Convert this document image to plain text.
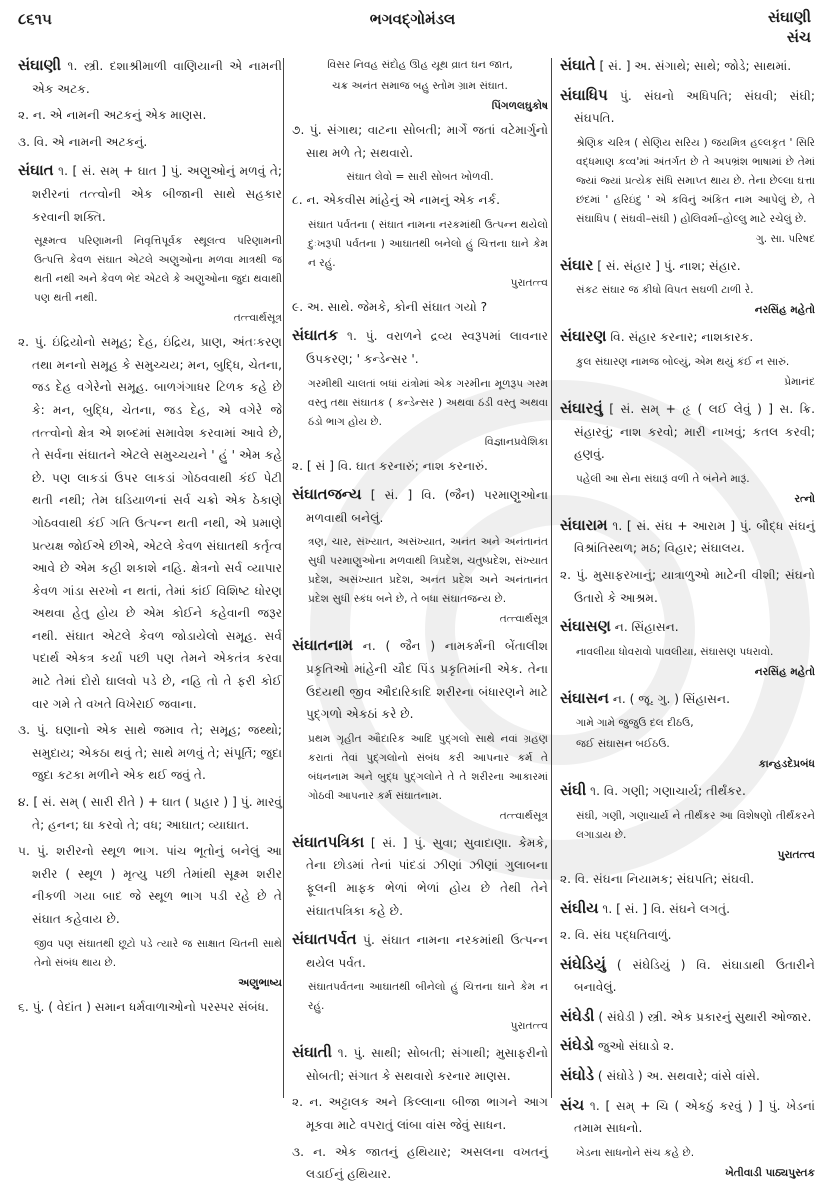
૮૬૧૫	ભગવદ્ગોમંડલ	સંઘાણી
સંચ

સંઘાણી ૧. સ્ત્રી. દશાશ્રીમાળી વાણિયાની એ નામની એક અટક.

૨. ન. એ નામની અટકનું એક માણસ.

૩. વિ. એ નામની અટકનું.

સંઘાત ૧. [ સં. સમ્ + ઘાત ] પું. અણુઓનું મળવું તે; શરીરનાં તત્ત્વોની એક બીજાની સાથે સહકાર કરવાની શક્તિ.

સૂક્ષ્મત્વ પરિણામની નિવૃત્તિપૂર્વક સ્થૂલત્વ પરિણામની ઉત્પત્તિ કેવળ સંઘાત એટલે અણુઓના મળવા માત્રથી જ થતી નથી અને કેવળ ભેદ એટલે કે અણુઓના જુદા થવાથી પણ થતી નથી.

તત્ત્વાર્થસૂત્ર

૨. પું. ઇંદ્રિયોનો સમૂહ; દેહ, ઇંદ્રિય, પ્રાણ, અંતઃકરણ તથા મનનો સમૂહ કે સમુચ્ચય; મન, બુદ્ધિ, ચેતના, જડ દેહ વગેરેનો સમૂહ. બાળગંગાધર ટિળક કહે છે કે: મન, બુદ્ધિ, ચેતના, જડ દેહ, એ વગેરે જે તત્ત્વોનો ક્ષેત્ર એ શબ્દમાં સમાવેશ કરવામાં આવે છે, તે સર્વના સંઘાતને એટલે સમુચ્ચયને ' હું ' એમ કહે છે. પણ લાકડાં ઉપર લાકડાં ગોઠવવાથી કંઈ પેટી થતી નથી; તેમ ઘડિયાળનાં સર્વ ચક્રો એક ઠેકાણે ગોઠવવાથી કંઈ ગતિ ઉત્પન્ન થતી નથી, એ પ્રમાણે પ્રત્યક્ષ જોઈએ છીએ, એટલે કેવળ સંઘાતથી કર્તૃત્વ આવે છે એમ કહી શકાશે નહિ. ક્ષેત્રનો સર્વ વ્યાપાર કેવળ ગાંડા સરખો ન થતાં, તેમાં કાંઈ વિશિષ્ટ ધોરણ અથવા હેતુ હોય છે એમ કોઈને કહેવાની જરૂર નથી. સંઘાત એટલે કેવળ જોડાયેલો સમૂહ. સર્વ પદાર્થ એકત્ર કર્યા પછી પણ તેમને એકતંત્ર કરવા માટે તેમાં દોરો ઘાલવો પડે છે, નહિ તો તે ફરી કોઈ વાર ગમે તે વખતે વિખેરાઈ જવાના.

૩. પું. ઘણાનો એક સાથે જમાવ તે; સમૂહ; જથ્થો; સમુદાય; એકઠા થવું તે; સાથે મળવું તે; સંપૂર્તિ; જુદા જુદા કટકા મળીને એક થઈ જવું તે.

૪. [ સં. સમ્ ( સારી રીતે ) + ઘાત ( પ્રહાર ) ] પું. મારવું તે; હનન; ઘા કરવો તે; વધ; આઘાત; વ્યાઘાત.

૫. પું. શરીરનો સ્થૂળ ભાગ. પાંચ ભૂતોનું બનેલું આ શરીર ( સ્થૂળ ) મૃત્યુ પછી તેમાંથી સૂક્ષ્મ શરીર નીકળી ગયા બાદ જે સ્થૂળ ભાગ પડી રહે છે તે સંઘાત કહેવાય છે.

જીવ પણ સંઘાતથી છૂટો પડે ત્યારે જ સાક્ષાત ચિતની સાથે તેનો સંબંધ થાય છે.

અણુભાષ્ય

૬. પું. ( વેદાંત ) સમાન ધર્મવાળાઓનો પરસ્પર સંબંધ.

વિસર નિવહ સંદોહ ઊહ યૂથ વ્રાત ઘન જાત,

ચક્ર અનંત સમાજ બહુ સ્તોમ ગ્રામ સંઘાત.

પિંગળલઘુકોષ

૭. પું. સંગાથ; વાટના સોબતી; માર્ગે જતાં વટેમાર્ગુનો સાથ મળે તે; સથવારો.

સંઘાત લેવો = સારી સોબત ખોળવી.

૮. ન. એકવીસ માંહેનું એ નામનું એક નર્ક.

સંઘાત પર્વતના ( સંઘાત નામના નરકમાંથી ઉત્પન્ન થયેલો દુઃખરૂપી પર્વતના ) આઘાતથી બનેલો હું ચિત્તના ઘાને કેમ ન રહું.

પુરાતત્ત્વ

૯. અ. સાથે. જેમકે, કોની સંઘાત ગયો ?

સંઘાતક ૧. પું. વરાળને દ્રવ્ય સ્વરૂપમાં લાવનાર ઉપકરણ; ' કન્ડેન્સર '.

ગરમીથી ચાલતાં બધાં યંત્રોમાં એક ગરમીના મૂળરૂપ ગરમ વસ્તુ તથા સંઘાતક ( કન્ડેન્સર ) અથવા ઠંડી વસ્તુ અથવા ઠંડો ભાગ હોય છે.

વિજ્ઞાનપ્રવેશિકા

૨. [ સં ] વિ. ઘાત કરનારું; નાશ કરનારું.

સંઘાતજન્ય [ સં. ] વિ. (જૈન) પરમાણુઓના મળવાથી બનેલું.

ત્રણ, ચાર, સંખ્યાત, અસંખ્યાત, અનંત અને અનંતાનંત સુધી પરમાણુઓના મળવાથી ત્રિપ્રદેશ, ચતુષ્પ્રદેશ, સંખ્યાત પ્રદેશ, અસંખ્યાત પ્રદેશ, અનંત પ્રદેશ અને અનંતાનંત પ્રદેશ સુધી સ્કંધ બને છે, તે બધા સંઘાતજન્ય છે.

તત્ત્વાર્થસૂત્ર

સંઘાતનામ ન. ( જૈન ) નામકર્મની બેંતાલીશ પ્રકૃતિઓ માંહેની ચૌદ પિંડ પ્રકૃતિમાંની એક. તેના ઉદયથી જીવ ઔદારિકાદિ શરીરના બંધારણને માટે પુદ્ગળો એકઠાં કરે છે.

પ્રથમ ગૃહીત ઔદારિક આદિ પુદ્ગલો સાથે નવાં ગ્રહણ કરાતાં તેવાં પુદ્ગલોનો સંબંધ કરી આપનાર કર્મ તે બંધનનામ અને બુદ્ધ પુદ્ગલોને તે તે શરીરના આકારમાં ગોઠવી આપનાર કર્મ સંઘાતનામ.

તત્ત્વાર્થસૂત્ર

સંઘાતપત્રિકા [ સં. ] પું. સુવા; સુવાદાણા. કેમકે, તેના છોડમાં તેનાં પાંદડાં ઝીણાં ઝીણાં ગુલાબના ફૂલની માફક ભેળાં ભેળાં હોય છે તેથી તેને સંઘાતપત્રિકા કહે છે.

સંઘાતપર્વત પું. સંઘાત નામના નરકમાંથી ઉત્પન્ન થયેલ પર્વત.

સંઘાતપર્વતના આઘાતથી બીનેલો હું ચિત્તના ઘાને કેમ ન રહું.

પુરાતત્ત્વ

સંઘાતી ૧. પું. સાથી; સોબતી; સંગાથી; મુસાફરીનો સોબતી; સંગાત કે સથવારો કરનાર માણસ.

૨. ન. અટ્ટાલક અને કિલ્લાના બીજા ભાગને આગ મૂકવા માટે વપરાતું લાંબા વાંસ જેવું સાધન.

૩. ન. એક જાતનું હથિયાર; અસલના વખતનું લડાઈનું હથિયાર.

સંઘાતે [ સં. ] અ. સંગાથે; સાથે; જોડે; સાથમાં.

સંઘાધિપ પું. સંઘનો અધિપતિ; સંઘવી; સંઘી; સંઘપતિ.

શ્રેણિક ચરિત્ર ( સેણિય સરિય ) જયમિત્ર હલ્લકૃત ' સિરિ વદ્ધમાણ કવ્વ'માં અંતર્ગત છે તે અપભ્રંશ ભાષામાં છે તેમાં જ્યાં જ્યાં પ્રત્યેક સંધિ સમાપ્ત થાય છે. તેના છેલ્લા ઘત્તા છંદમાં ' હરિઇંદુ ' એ કવિનું અંકિત નામ આપેલું છે, તે સંઘાધિપ ( સંઘવી–સંઘી ) હોલિવર્મા–હોલ્લુ માટે રચેલું છે.

ગુ. સા. પરિષદ

સંઘાર [ સં. સંહાર ] પું. નાશ; સંહાર.

સંકટ સંઘાર જ કીધો વિપત સઘળી ટાળી રે.

નરસિંહ મહેતો

સંઘારણ વિ. સંહાર કરનાર; નાશકારક.

કુલ સંઘારણ નામજ બોલ્યું, એમ થયું કંઈ ન સારું.

પ્રેમાનંદ

સંઘારવું [ સં. સમ્ + હૃ ( લઈ લેવું ) ] સ. ક્રિ. સંહારવું; નાશ કરવો; મારી નાખવું; કતલ કરવી; હણવું.

પહેલી આ સેના સંઘારૂં વળી તે બંનેને મારૂં.

રત્નો

સંઘારામ ૧. [ સં. સંઘ + આરામ ] પું. બૌદ્ધ સંઘનું વિશ્રાંતિસ્થળ; મઠ; વિહાર; સંઘાલય.

૨. પું. મુસાફરખાનું; યાત્રાળુઓ માટેની વીશી; સંઘનો ઉતારો કે આશ્રમ.

સંઘાસણ ન. સિંહાસન.

નાવલીયા ધોવરાવો પાવલીયા, સંઘાસણ પધરાવો.

નરસિંહ મહેતો

સંઘાસન ન. ( જૂ. ગુ. ) સિંહાસન.

ગામે ગામે જુજુઉ દલ દીઠઉ,

જઈ સંઘાસન બઈઠઉ.

કાન્હડદેપ્રબંધ

સંઘી ૧. વિ. ગણી; ગણાચાર્ય; તીર્થંકર.

સંઘી, ગણી, ગણાચાર્ય ને તીર્થંકર આ વિશેષણો તીર્થંકરને લગાડાય છે.

પુરાતત્ત્વ

૨. વિ. સંઘના નિયામક; સંઘપતિ; સંઘવી.

સંઘીય ૧. [ સં. ] વિ. સંઘને લગતું.

૨. વિ. સંઘ પદ્ધતિવાળું.

સંઘેડિયું ( સંઘેડિયું ) વિ. સંઘાડાથી ઉતારીને બનાવેલું.

સંઘેડી ( સંઘેડી ) સ્ત્રી. એક પ્રકારનું સુથારી ઓજાર.

સંઘેડો જુઓ સંઘાડો ૨.

સંઘોડે ( સંઘોડે ) અ. સથવારે; વાંસે વાંસે.

સંચ ૧. [ સમ્ + ચિ ( એકઠું કરવું ) ] પું. ખેડનાં તમામ સાધનો.

ખેડના સાધનોને સંચ કહે છે.

ખેતીવાડી પાઠ્યપુસ્તક
